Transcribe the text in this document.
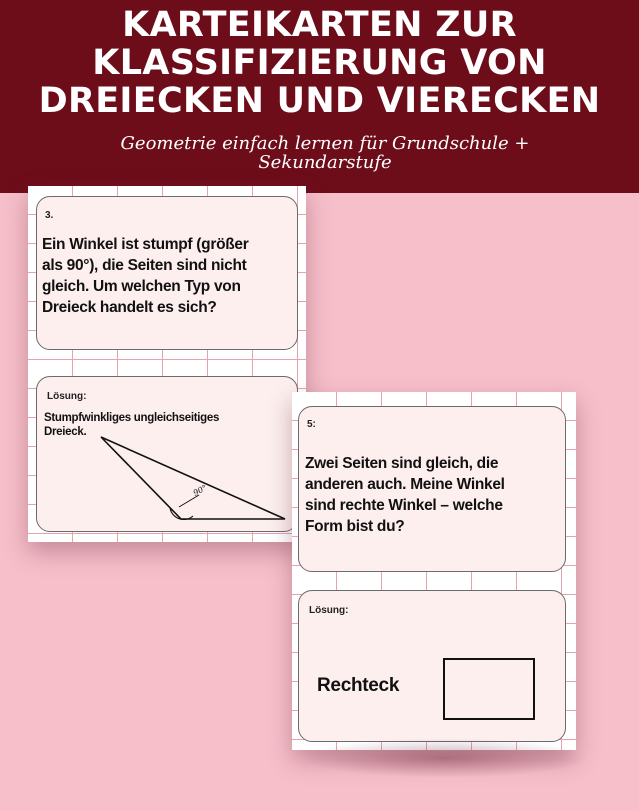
KARTEIKARTEN ZUR
KLASSIFIZIERUNG VON
DREIECKEN UND VIERECKEN

Geometrie einfach lernen für Grundschule +
Sekundarstufe

3.

Ein Winkel ist stumpf (größer
als 90°), die Seiten sind nicht
gleich. Um welchen Typ von
Dreieck handelt es sich?

Lösung:

Stumpfwinkliges ungleichseitiges
Dreieck.

90°
5:

Zwei Seiten sind gleich, die
anderen auch. Meine Winkel
sind rechte Winkel – welche
Form bist du?

Lösung:
Rechteck
